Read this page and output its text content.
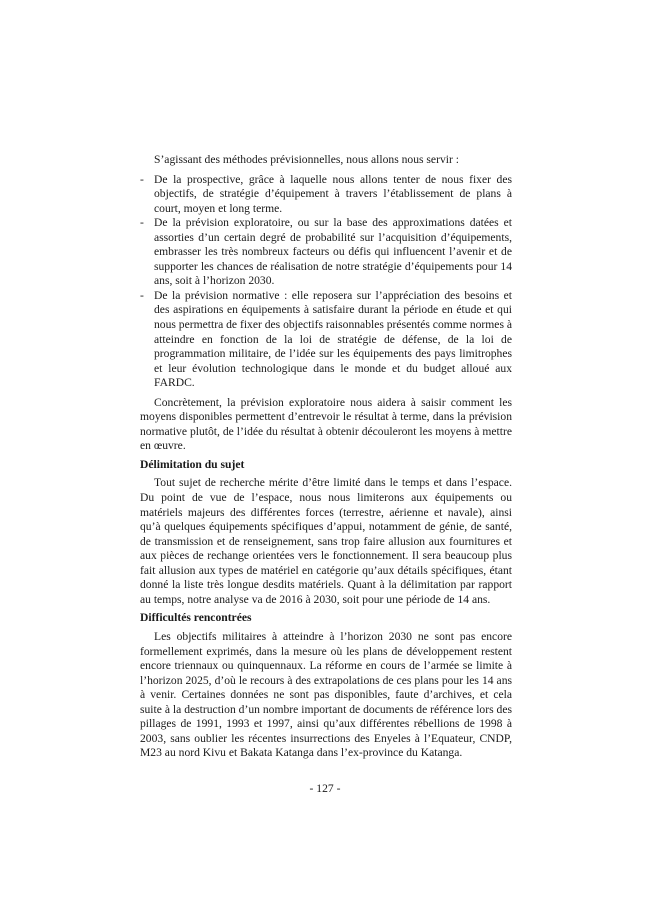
S’agissant des méthodes prévisionnelles, nous allons nous servir :

- De la prospective, grâce à laquelle nous allons tenter de nous fixer des objectifs, de stratégie d’équipement à travers l’établissement de plans à court, moyen et long terme.
- De la prévision exploratoire, ou sur la base des approximations datées et assorties d’un certain degré de probabilité sur l’acquisition d’équipements, embrasser les très nombreux facteurs ou défis qui influencent l’avenir et de supporter les chances de réalisation de notre stratégie d’équipements pour 14 ans, soit à l’horizon 2030.
- De la prévision normative : elle reposera sur l’appréciation des besoins et des aspirations en équipements à satisfaire durant la période en étude et qui nous permettra de fixer des objectifs raisonnables présentés comme normes à atteindre en fonction de la loi de stratégie de défense, de la loi de programmation militaire, de l’idée sur les équipements des pays limitrophes et leur évolution technologique dans le monde et du budget alloué aux FARDC.

Concrètement, la prévision exploratoire nous aidera à saisir comment les moyens disponibles permettent d’entrevoir le résultat à terme, dans la prévision normative plutôt, de l’idée du résultat à obtenir découleront les moyens à mettre en œuvre.

Délimitation du sujet

Tout sujet de recherche mérite d’être limité dans le temps et dans l’espace. Du point de vue de l’espace, nous nous limiterons aux équipements ou matériels majeurs des différentes forces (terrestre, aérienne et navale), ainsi qu’à quelques équipements spécifiques d’appui, notamment de génie, de santé, de transmission et de renseignement, sans trop faire allusion aux fournitures et aux pièces de rechange orientées vers le fonctionnement. Il sera beaucoup plus fait allusion aux types de matériel en catégorie qu’aux détails spécifiques, étant donné la liste très longue desdits matériels. Quant à la délimitation par rapport au temps, notre analyse va de 2016 à 2030, soit pour une période de 14 ans.

Difficultés rencontrées

Les objectifs militaires à atteindre à l’horizon 2030 ne sont pas encore formellement exprimés, dans la mesure où les plans de développement restent encore triennaux ou quinquennaux. La réforme en cours de l’armée se limite à l’horizon 2025, d’où le recours à des extrapolations de ces plans pour les 14 ans à venir. Certaines données ne sont pas disponibles, faute d’archives, et cela suite à la destruction d’un nombre important de documents de référence lors des pillages de 1991, 1993 et 1997, ainsi qu’aux différentes rébellions de 1998 à 2003, sans oublier les récentes insurrections des Enyeles à l’Equateur, CNDP, M23 au nord Kivu et Bakata Katanga dans l’ex-province du Katanga.

- 127 -
